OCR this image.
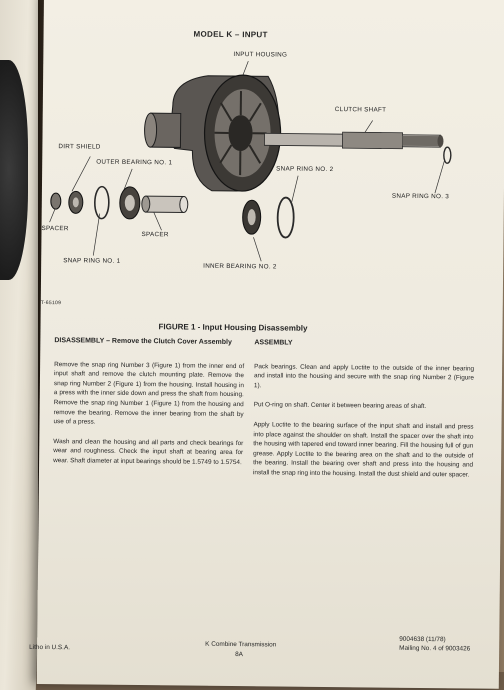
MODEL K – INPUT

INPUT HOUSING
CLUTCH SHAFT
DIRT SHIELD
OUTER BEARING NO. 1
SNAP RING NO. 2
SNAP RING NO. 3
SPACER
SPACER
SNAP RING NO. 1
INNER BEARING NO. 2
T-65109

FIGURE 1 - Input Housing Disassembly

DISASSEMBLY – Remove the Clutch Cover Assembly

Remove the snap ring Number 3 (Figure 1) from the inner end of input shaft and remove the clutch mounting plate. Remove the snap ring Number 2 (Figure 1) from the housing. Install housing in a press with the inner side down and press the shaft from housing. Remove the snap ring Number 1 (Figure 1) from the housing and remove the bearing. Remove the inner bearing from the shaft by use of a press.

Wash and clean the housing and all parts and check bearings for wear and roughness. Check the input shaft at bearing area for wear. Shaft diameter at input bearings should be 1.5749 to 1.5754.

ASSEMBLY

Pack bearings. Clean and apply Loctite to the outside of the inner bearing and install into the housing and secure with the snap ring Number 2 (Figure 1).

Put O-ring on shaft. Center it between bearing areas of shaft.

Apply Loctite to the bearing surface of the input shaft and install and press into place against the shoulder on shaft. Install the spacer over the shaft into the housing with tapered end toward inner bearing. Fill the housing full of gun grease. Apply Loctite to the bearing area on the shaft and to the outside of the bearing. Install the bearing over shaft and press into the housing and install the snap ring into the housing. Install the dust shield and outer spacer.

Litho in U.S.A.	K Combine Transmission
8A
9004638 (11/78)
Mailing No. 4 of 9003426
